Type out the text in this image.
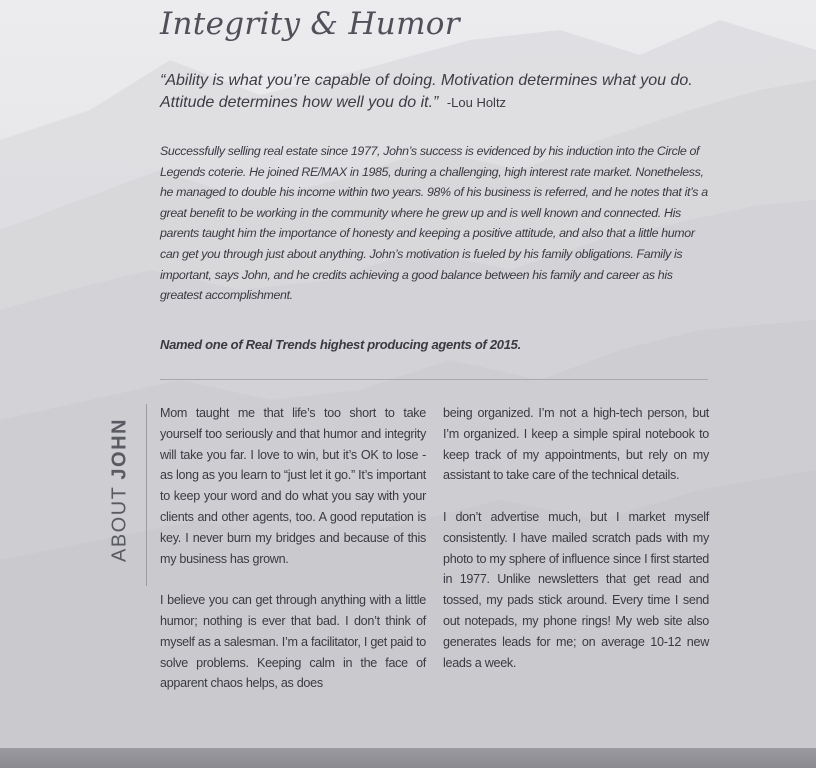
Integrity & Humor
“Ability is what you’re capable of doing. Motivation determines what you do. Attitude determines how well you do it.” -Lou Holtz

Successfully selling real estate since 1977, John’s success is evidenced by his induction into the Circle of Legends coterie. He joined RE/MAX in 1985, during a challenging, high interest rate market. Nonetheless, he managed to double his income within two years. 98% of his business is referred, and he notes that it’s a great benefit to be working in the community where he grew up and is well known and connected. His parents taught him the importance of honesty and keeping a positive attitude, and also that a little humor can get you through just about anything. John’s motivation is fueled by his family obligations. Family is important, says John, and he credits achieving a good balance between his family and career as his greatest accomplishment.

Named one of Real Trends highest producing agents of 2015.
ABOUTJOHN

Mom taught me that life’s too short to take yourself too seriously and that humor and integrity will take you far. I love to win, but it’s OK to lose - as long as you learn to “just let it go.” It’s important to keep your word and do what you say with your clients and other agents, too. A good reputation is key. I never burn my bridges and because of this my business has grown.

I believe you can get through anything with a little humor; nothing is ever that bad. I don’t think of myself as a salesman. I’m a facilitator, I get paid to solve problems. Keeping calm in the face of apparent chaos helps, as does

being organized. I’m not a high-tech person, but I’m organized. I keep a simple spiral notebook to keep track of my appointments, but rely on my assistant to take care of the technical details.

I don’t advertise much, but I market myself consistently. I have mailed scratch pads with my photo to my sphere of influence since I first started in 1977. Unlike newsletters that get read and tossed, my pads stick around. Every time I send out notepads, my phone rings! My web site also generates leads for me; on average 10-12 new leads a week.
